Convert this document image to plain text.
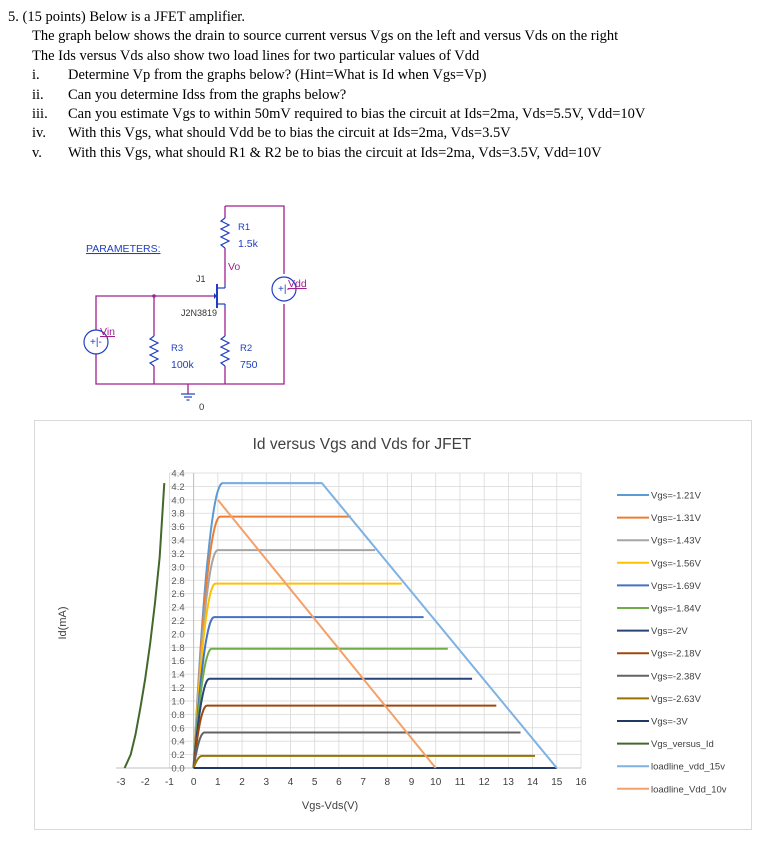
5. (15 points) Below is a JFET amplifier.
The graph below shows the drain to source current versus Vgs on the left and versus Vds on the right
The Ids versus Vds also show two load lines for two particular values of Vdd
i.	Determine Vp from the graphs below? (Hint=What is Id when Vgs=Vp)
ii.	Can you determine Idss from the graphs below?
iii.	Can you estimate Vgs to within 50mV required to bias the circuit at Ids=2ma, Vds=5.5V, Vdd=10V
iv.	With this Vgs, what should Vdd be to bias the circuit at Ids=2ma, Vds=3.5V
v.	With this Vgs, what should R1 & R2 be to bias the circuit at Ids=2ma, Vds=3.5V, Vdd=10V
+|-
+|-
PARAMETERS:
R1
1.5k
Vo
Vdd
J1
J2N3819
Vin
R3
100k
R2
750
0
Id versus Vgs and Vds for JFET
0.0
0.2
0.4
0.6
0.8
1.0
1.2
1.4
1.6
1.8
2.0
2.2
2.4
2.6
2.8
3.0
3.2
3.4
3.6
3.8
4.0
4.2
4.4
-3 -2 -1 0 1 2 3 4 5 6 7 8 9 10 11 12 13 14 15 16
Vgs-Vds(V)
Id(mA)
Vgs=-1.21V
Vgs=-1.31V
Vgs=-1.43V
Vgs=-1.56V
Vgs=-1.69V
Vgs=-1.84V
Vgs=-2V
Vgs=-2.18V
Vgs=-2.38V
Vgs=-2.63V
Vgs=-3V
Vgs_versus_Id
loadline_vdd_15v
loadline_Vdd_10v
